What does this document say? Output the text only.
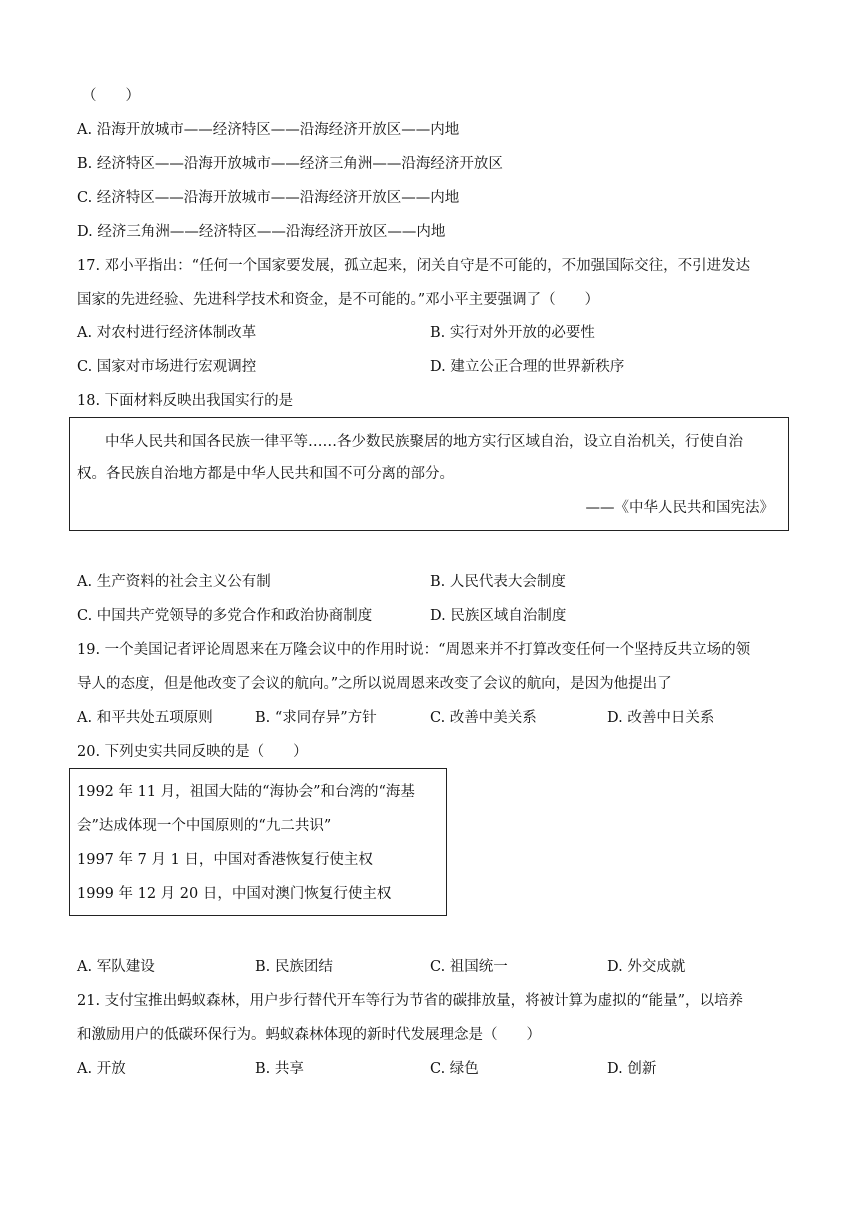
（　　）
A. 沿海开放城市——经济特区——沿海经济开放区——内地
B. 经济特区——沿海开放城市——经济三角洲——沿海经济开放区
C. 经济特区——沿海开放城市——沿海经济开放区——内地
D. 经济三角洲——经济特区——沿海经济开放区——内地
17. 邓小平指出：“任何一个国家要发展，孤立起来，闭关自守是不可能的，不加强国际交往，不引进发达
国家的先进经验、先进科学技术和资金，是不可能的。”邓小平主要强调了（　　）
A. 对农村进行经济体制改革	B. 实行对外开放的必要性
C. 国家对市场进行宏观调控	D. 建立公正合理的世界新秩序
18. 下面材料反映出我国实行的是
中华人民共和国各民族一律平等……各少数民族聚居的地方实行区域自治，设立自治机关，行使自治
权。各民族自治地方都是中华人民共和国不可分离的部分。
——《中华人民共和国宪法》
A. 生产资料的社会主义公有制	B. 人民代表大会制度
C. 中国共产党领导的多党合作和政治协商制度	D. 民族区域自治制度
19. 一个美国记者评论周恩来在万隆会议中的作用时说：“周恩来并不打算改变任何一个坚持反共立场的领
导人的态度，但是他改变了会议的航向。”之所以说周恩来改变了会议的航向，是因为他提出了
A. 和平共处五项原则	B. “求同存异”方针	C. 改善中美关系	D. 改善中日关系
20. 下列史实共同反映的是（　　）
1992 年 11 月，祖国大陆的“海协会”和台湾的“海基
会”达成体现一个中国原则的“九二共识”
1997 年 7 月 1 日，中国对香港恢复行使主权
1999 年 12 月 20 日，中国对澳门恢复行使主权
A. 军队建设	B. 民族团结	C. 祖国统一	D. 外交成就
21. 支付宝推出蚂蚁森林，用户步行替代开车等行为节省的碳排放量，将被计算为虚拟的“能量”，以培养
和激励用户的低碳环保行为。蚂蚁森林体现的新时代发展理念是（　　）
A. 开放	B. 共享	C. 绿色	D. 创新
